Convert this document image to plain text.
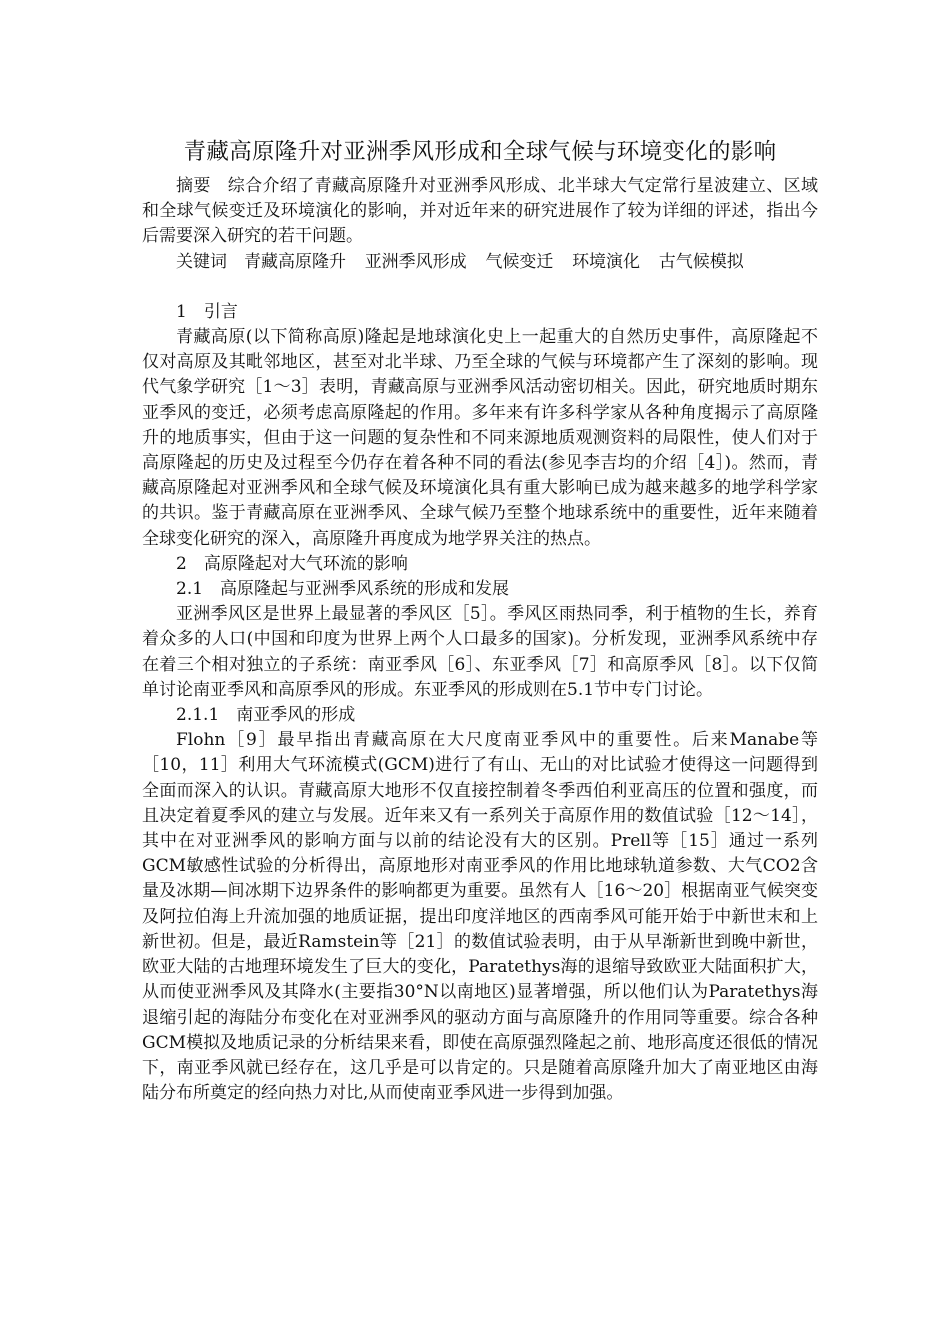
青藏高原隆升对亚洲季风形成和全球气候与环境变化的影响

摘要 综合介绍了青藏高原隆升对亚洲季风形成、北半球大气定常行星波建立、区域和全球气候变迁及环境演化的影响，并对近年来的研究进展作了较为详细的评述，指出今后需要深入研究的若干问题。

关键词 青藏高原隆升 亚洲季风形成 气候变迁 环境演化 古气候模拟

1　引言

青藏高原(以下简称高原)隆起是地球演化史上一起重大的自然历史事件，高原隆起不仅对高原及其毗邻地区，甚至对北半球、乃至全球的气候与环境都产生了深刻的影响。现代气象学研究［1～3］表明，青藏高原与亚洲季风活动密切相关。因此，研究地质时期东亚季风的变迁，必须考虑高原隆起的作用。多年来有许多科学家从各种角度揭示了高原隆升的地质事实，但由于这一问题的复杂性和不同来源地质观测资料的局限性，使人们对于高原隆起的历史及过程至今仍存在着各种不同的看法(参见李吉均的介绍［4］)。然而，青藏高原隆起对亚洲季风和全球气候及环境演化具有重大影响已成为越来越多的地学科学家的共识。鉴于青藏高原在亚洲季风、全球气候乃至整个地球系统中的重要性，近年来随着全球变化研究的深入，高原隆升再度成为地学界关注的热点。

2　高原隆起对大气环流的影响

2.1　高原隆起与亚洲季风系统的形成和发展

亚洲季风区是世界上最显著的季风区［5］。季风区雨热同季，利于植物的生长，养育着众多的人口(中国和印度为世界上两个人口最多的国家)。分析发现，亚洲季风系统中存在着三个相对独立的子系统：南亚季风［6］、东亚季风［7］和高原季风［8］。以下仅简单讨论南亚季风和高原季风的形成。东亚季风的形成则在5.1节中专门讨论。

2.1.1　南亚季风的形成

Flohn［9］最早指出青藏高原在大尺度南亚季风中的重要性。后来Manabe等［10，11］利用大气环流模式(GCM)进行了有山、无山的对比试验才使得这一问题得到全面而深入的认识。青藏高原大地形不仅直接控制着冬季西伯利亚高压的位置和强度，而且决定着夏季风的建立与发展。近年来又有一系列关于高原作用的数值试验［12～14］，其中在对亚洲季风的影响方面与以前的结论没有大的区别。Prell等［15］通过一系列GCM敏感性试验的分析得出，高原地形对南亚季风的作用比地球轨道参数、大气CO2含量及冰期—间冰期下边界条件的影响都更为重要。虽然有人［16～20］根据南亚气候突变及阿拉伯海上升流加强的地质证据，提出印度洋地区的西南季风可能开始于中新世末和上新世初。但是，最近Ramstein等［21］的数值试验表明，由于从早渐新世到晚中新世，欧亚大陆的古地理环境发生了巨大的变化，Paratethys海的退缩导致欧亚大陆面积扩大，从而使亚洲季风及其降水(主要指30°N以南地区)显著增强，所以他们认为Paratethys海退缩引起的海陆分布变化在对亚洲季风的驱动方面与高原隆升的作用同等重要。综合各种GCM模拟及地质记录的分析结果来看，即使在高原强烈隆起之前、地形高度还很低的情况下，南亚季风就已经存在，这几乎是可以肯定的。只是随着高原隆升加大了南亚地区由海陆分布所奠定的经向热力对比,从而使南亚季风进一步得到加强。
